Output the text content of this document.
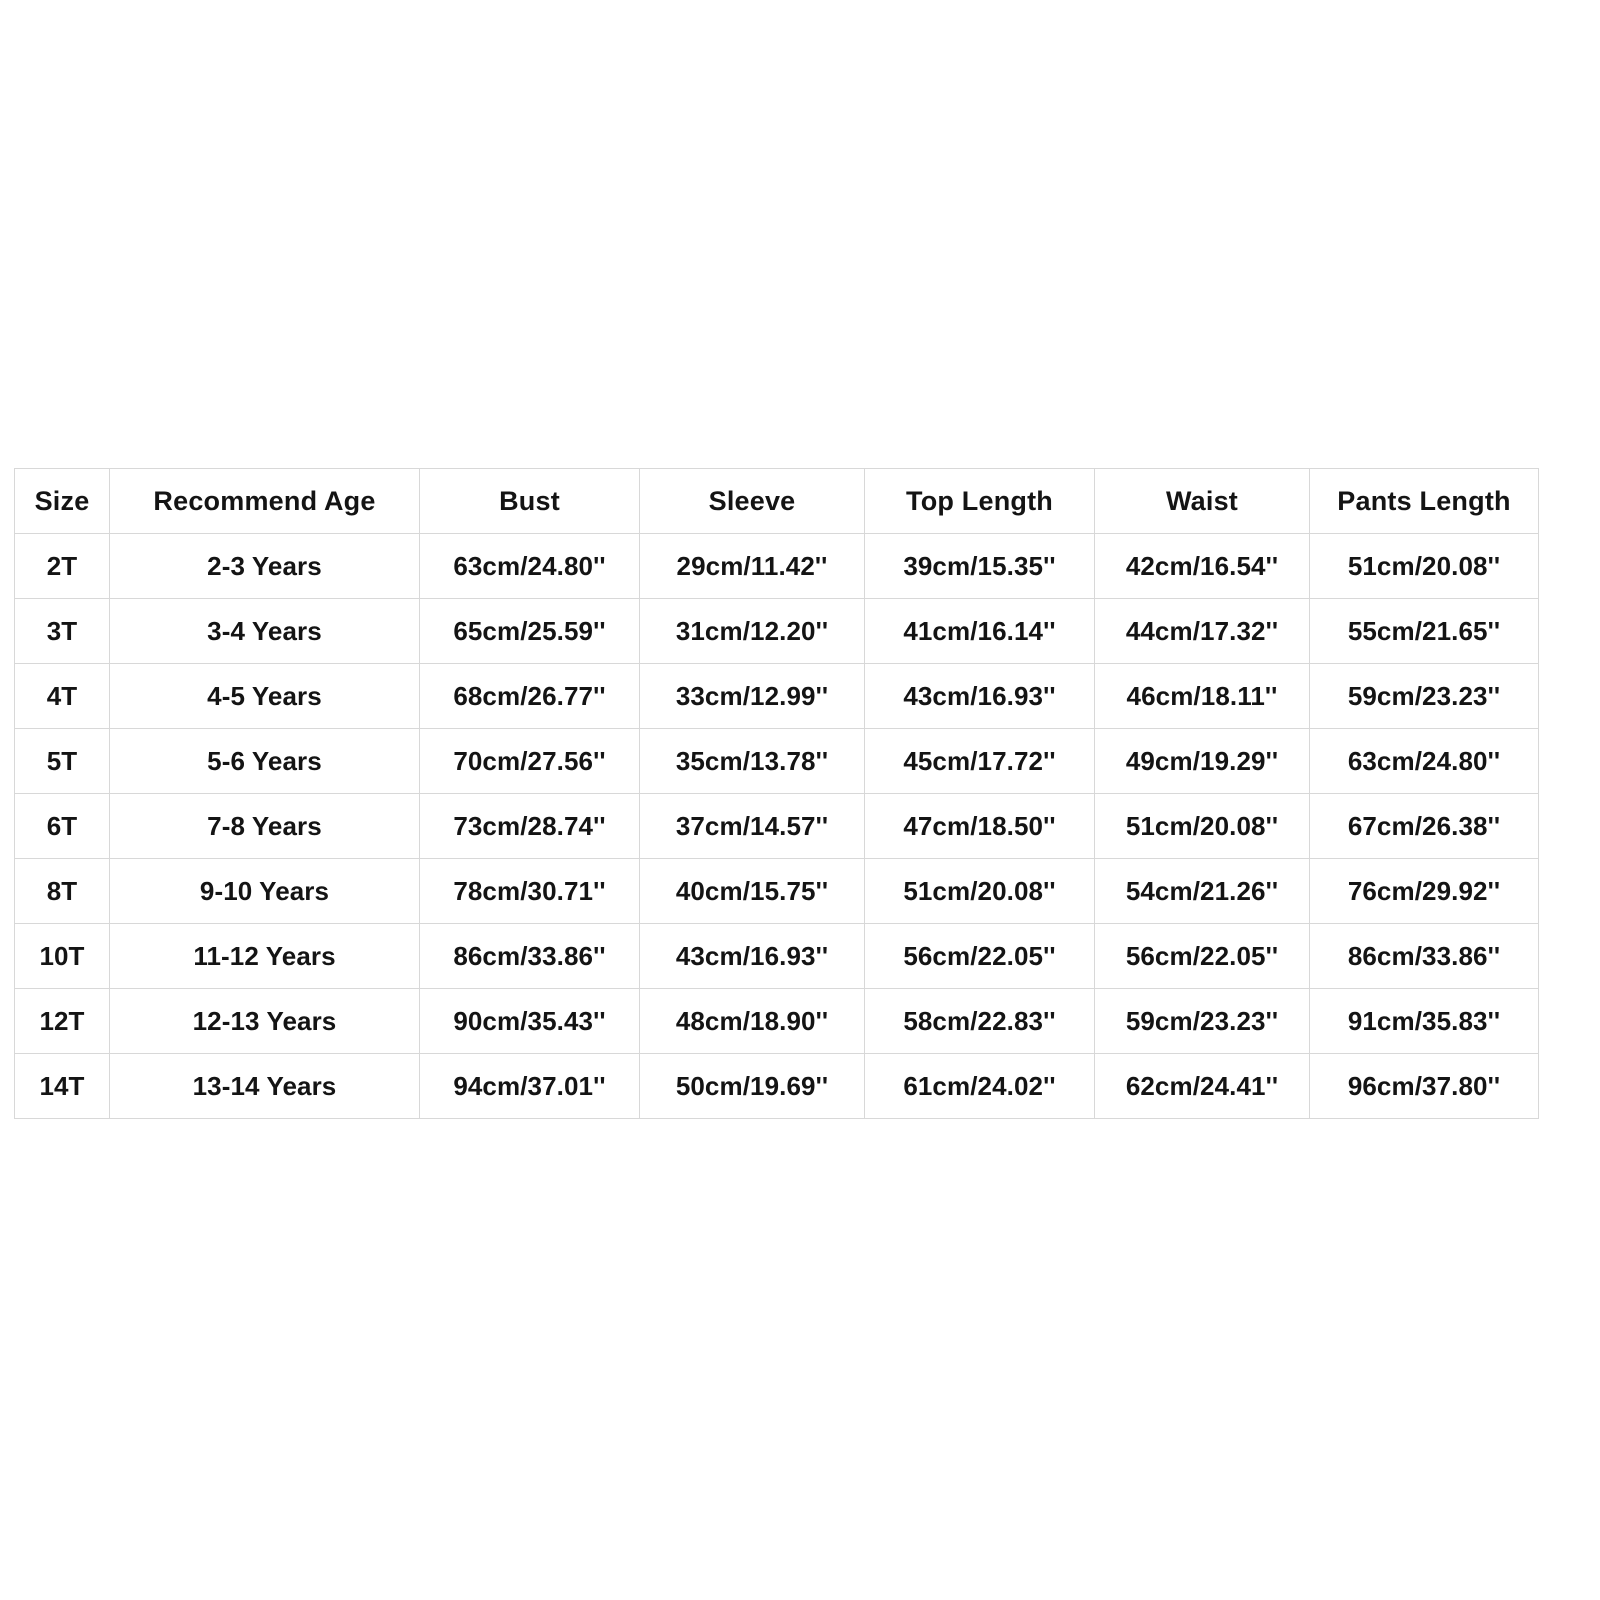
Size	Recommend Age	Bust	Sleeve	Top Length	Waist	Pants Length
2T	2-3 Years	63cm/24.80''	29cm/11.42''	39cm/15.35''	42cm/16.54''	51cm/20.08''
3T	3-4 Years	65cm/25.59''	31cm/12.20''	41cm/16.14''	44cm/17.32''	55cm/21.65''
4T	4-5 Years	68cm/26.77''	33cm/12.99''	43cm/16.93''	46cm/18.11''	59cm/23.23''
5T	5-6 Years	70cm/27.56''	35cm/13.78''	45cm/17.72''	49cm/19.29''	63cm/24.80''
6T	7-8 Years	73cm/28.74''	37cm/14.57''	47cm/18.50''	51cm/20.08''	67cm/26.38''
8T	9-10 Years	78cm/30.71''	40cm/15.75''	51cm/20.08''	54cm/21.26''	76cm/29.92''
10T	11-12 Years	86cm/33.86''	43cm/16.93''	56cm/22.05''	56cm/22.05''	86cm/33.86''
12T	12-13 Years	90cm/35.43''	48cm/18.90''	58cm/22.83''	59cm/23.23''	91cm/35.83''
14T	13-14 Years	94cm/37.01''	50cm/19.69''	61cm/24.02''	62cm/24.41''	96cm/37.80''
